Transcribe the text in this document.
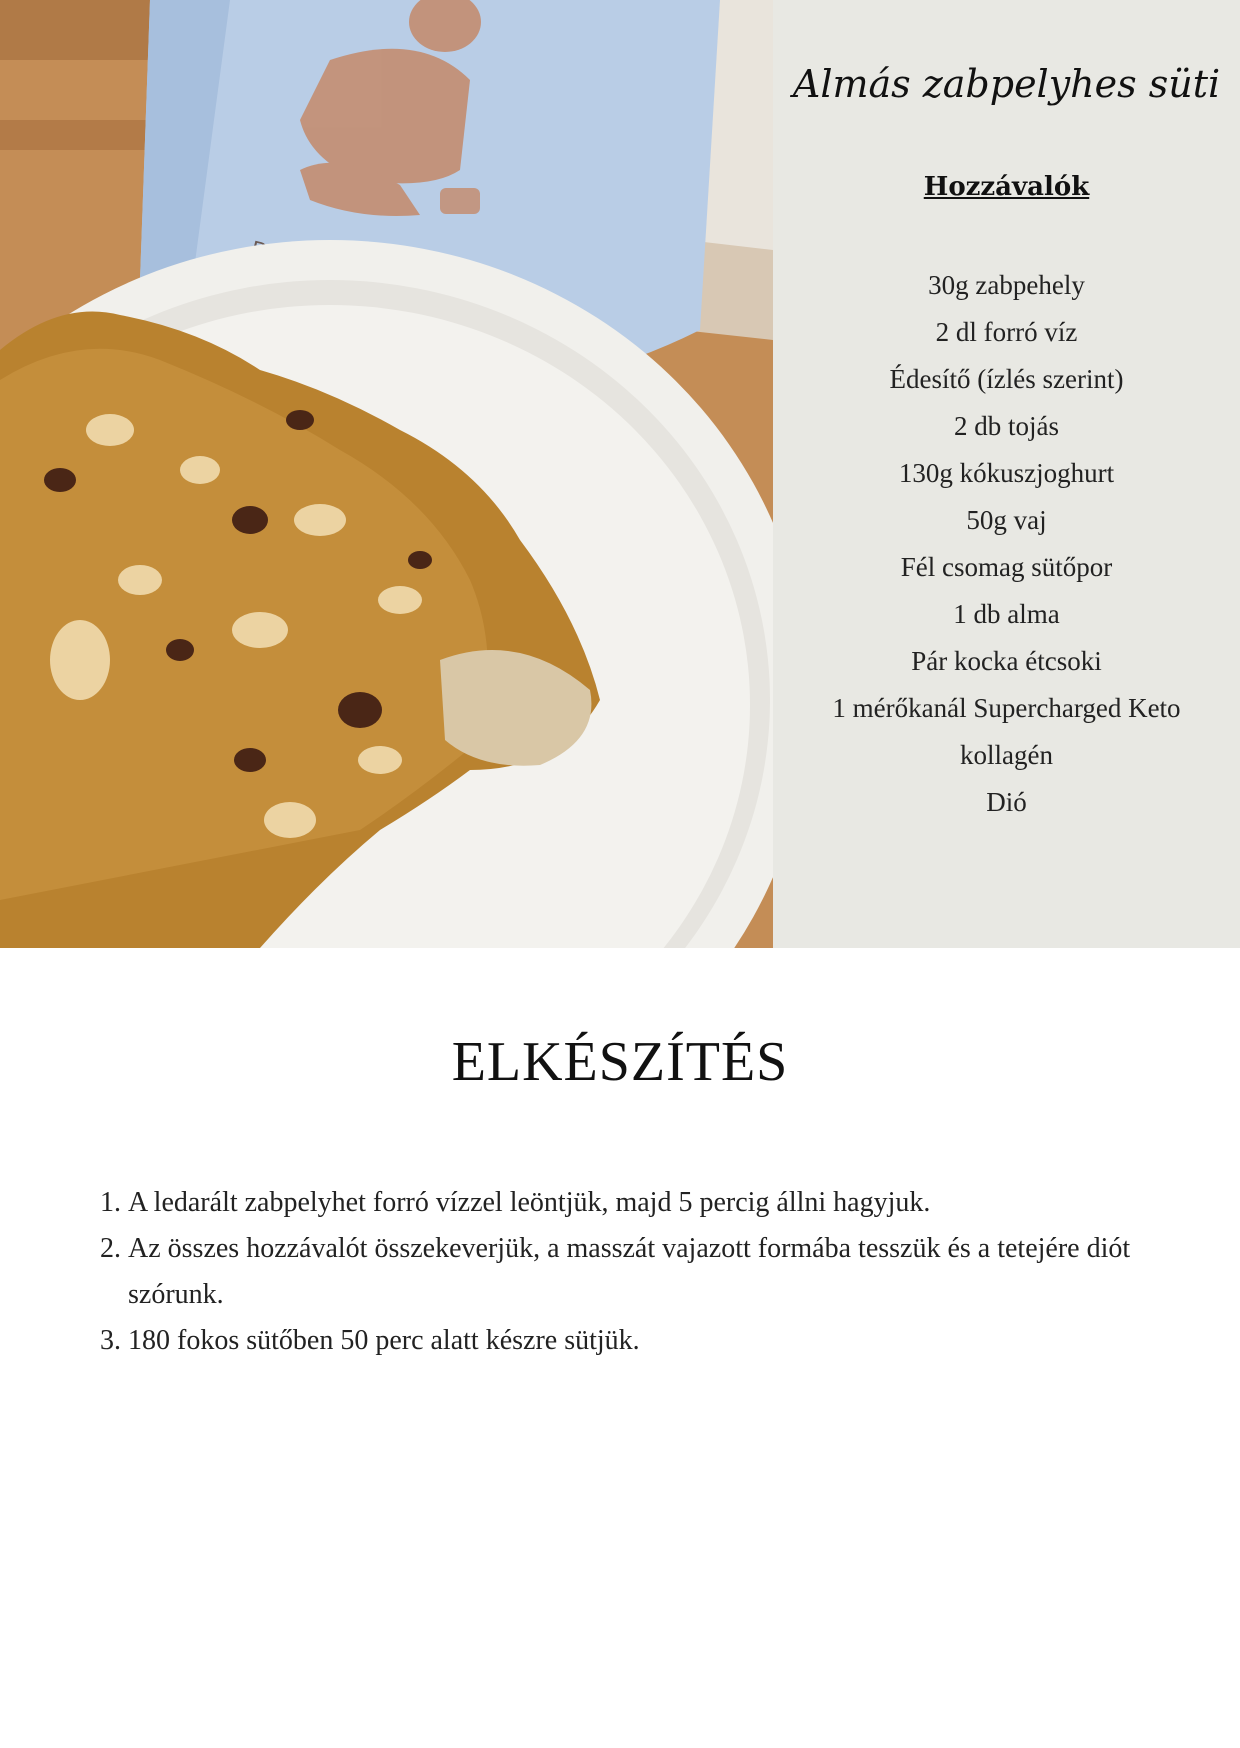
Almás zabpelyhes süti
Hozzávalók
30g zabpehely
2 dl forró víz
Édesítő (ízlés szerint)
2 db tojás
130g kókuszjoghurt
50g vaj
Fél csomag sütőpor
1 db alma
Pár kocka étcsoki
1 mérőkanál Supercharged Keto
kollagén
Dió
ELKÉSZÍTÉS
1. A ledarált zabpelyhet forró vízzel leöntjük, majd 5 percig állni hagyjuk.
2. Az összes hozzávalót összekeverjük, a masszát vajazott formába tesszük és a tetejére diót szórunk.
3. 180 fokos sütőben 50 perc alatt készre sütjük.
